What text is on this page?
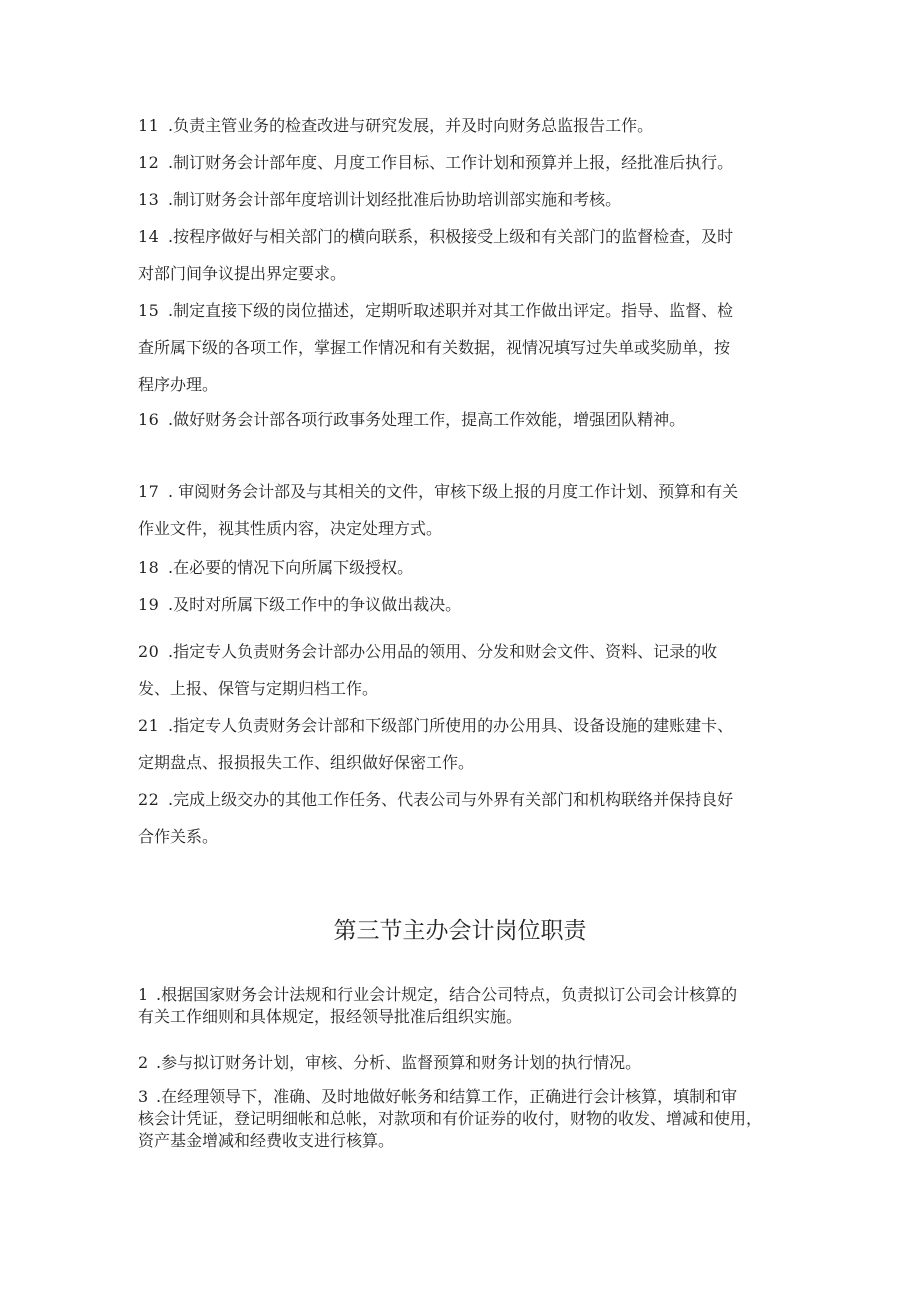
11 .负责主管业务的检查改进与研究发展，并及时向财务总监报告工作。
12 .制订财务会计部年度、月度工作目标、工作计划和预算并上报，经批准后执行。
13 .制订财务会计部年度培训计划经批准后协助培训部实施和考核。
14 .按程序做好与相关部门的横向联系，积极接受上级和有关部门的监督检查，及时
对部门间争议提出界定要求。
15 .制定直接下级的岗位描述，定期听取述职并对其工作做出评定。指导、监督、检
查所属下级的各项工作，掌握工作情况和有关数据，视情况填写过失单或奖励单，按
程序办理。
16 .做好财务会计部各项行政事务处理工作，提高工作效能，增强团队精神。
17 . 审阅财务会计部及与其相关的文件，审核下级上报的月度工作计划、预算和有关
作业文件，视其性质内容，决定处理方式。
18 .在必要的情况下向所属下级授权。
19 .及时对所属下级工作中的争议做出裁决。
20 .指定专人负责财务会计部办公用品的领用、分发和财会文件、资料、记录的收
发、上报、保管与定期归档工作。
21 .指定专人负责财务会计部和下级部门所使用的办公用具、设备设施的建账建卡、
定期盘点、报损报失工作、组织做好保密工作。
22 .完成上级交办的其他工作任务、代表公司与外界有关部门和机构联络并保持良好
合作关系。
第三节主办会计岗位职责
1 .根据国家财务会计法规和行业会计规定，结合公司特点，负责拟订公司会计核算的
有关工作细则和具体规定，报经领导批准后组织实施。
2 .参与拟订财务计划，审核、分析、监督预算和财务计划的执行情况。
3 .在经理领导下，准确、及时地做好帐务和结算工作，正确进行会计核算，填制和审
核会计凭证，登记明细帐和总帐，对款项和有价证券的收付，财物的收发、增减和使用，
资产基金增减和经费收支进行核算。
